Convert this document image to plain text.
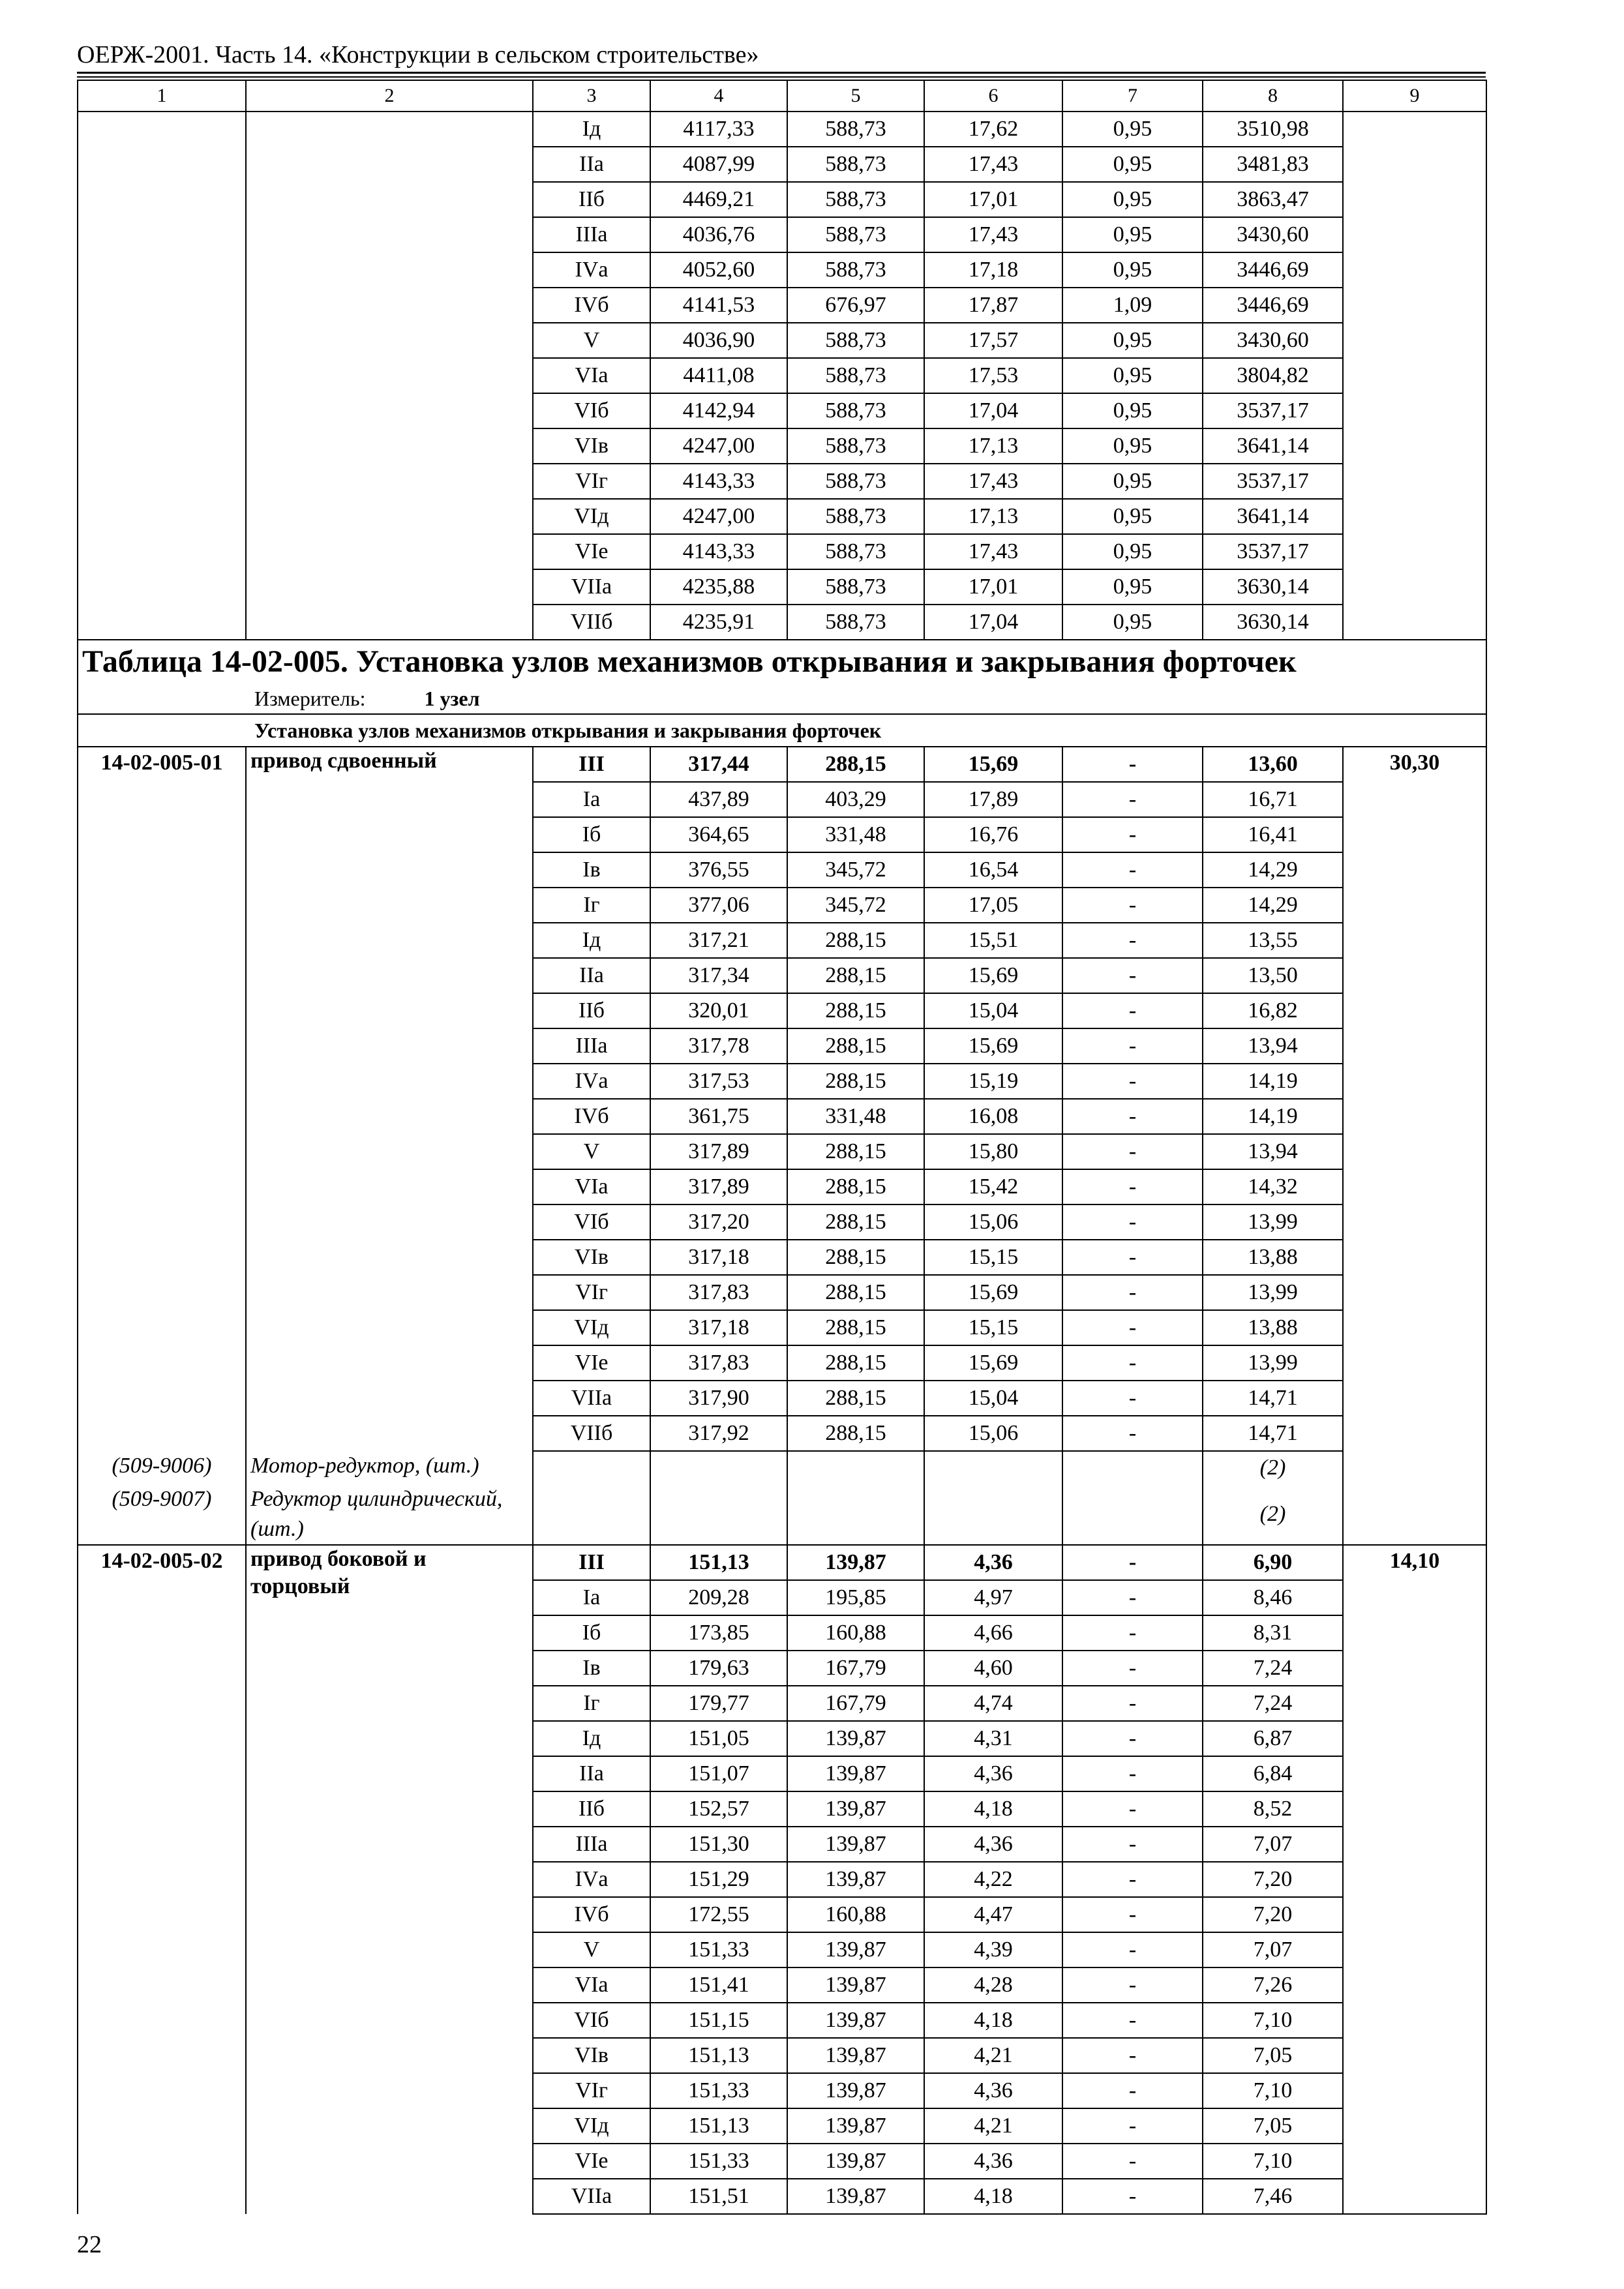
ОЕРЖ-2001. Часть 14. «Конструкции в сельском строительстве»
1	2	3	4	5	6	7	8	9
		Iд	4117,33	588,73	17,62	0,95	3510,98	
		IIа	4087,99	588,73	17,43	0,95	3481,83	
		IIб	4469,21	588,73	17,01	0,95	3863,47	
		IIIа	4036,76	588,73	17,43	0,95	3430,60	
		IVа	4052,60	588,73	17,18	0,95	3446,69	
		IVб	4141,53	676,97	17,87	1,09	3446,69	
		V	4036,90	588,73	17,57	0,95	3430,60	
		VIа	4411,08	588,73	17,53	0,95	3804,82	
		VIб	4142,94	588,73	17,04	0,95	3537,17	
		VIв	4247,00	588,73	17,13	0,95	3641,14	
		VIг	4143,33	588,73	17,43	0,95	3537,17	
		VIд	4247,00	588,73	17,13	0,95	3641,14	
		VIе	4143,33	588,73	17,43	0,95	3537,17	
		VIIа	4235,88	588,73	17,01	0,95	3630,14	
		VIIб	4235,91	588,73	17,04	0,95	3630,14	
Таблица 14-02-005. Установка узлов механизмов открывания и закрывания форточек								
Измеритель: 1 узел								
Установка узлов механизмов открывания и закрывания форточек								
14-02-005-01	привод сдвоенный	III	317,44	288,15	15,69	-	13,60	30,30
		Iа	437,89	403,29	17,89	-	16,71	
		Iб	364,65	331,48	16,76	-	16,41	
		Iв	376,55	345,72	16,54	-	14,29	
		Iг	377,06	345,72	17,05	-	14,29	
		Iд	317,21	288,15	15,51	-	13,55	
		IIа	317,34	288,15	15,69	-	13,50	
		IIб	320,01	288,15	15,04	-	16,82	
		IIIа	317,78	288,15	15,69	-	13,94	
		IVа	317,53	288,15	15,19	-	14,19	
		IVб	361,75	331,48	16,08	-	14,19	
		V	317,89	288,15	15,80	-	13,94	
		VIа	317,89	288,15	15,42	-	14,32	
		VIб	317,20	288,15	15,06	-	13,99	
		VIв	317,18	288,15	15,15	-	13,88	
		VIг	317,83	288,15	15,69	-	13,99	
		VIд	317,18	288,15	15,15	-	13,88	
		VIе	317,83	288,15	15,69	-	13,99	
		VIIа	317,90	288,15	15,04	-	14,71	
		VIIб	317,92	288,15	15,06	-	14,71	
(509-9006)	Мотор-редуктор, (шт.)						(2)	
(509-9007)	Редуктор цилиндрический, (шт.)						(2)	
14-02-005-02	привод боковой и торцовый	III	151,13	139,87	4,36	-	6,90	14,10
		Iа	209,28	195,85	4,97	-	8,46	
		Iб	173,85	160,88	4,66	-	8,31	
		Iв	179,63	167,79	4,60	-	7,24	
		Iг	179,77	167,79	4,74	-	7,24	
		Iд	151,05	139,87	4,31	-	6,87	
		IIа	151,07	139,87	4,36	-	6,84	
		IIб	152,57	139,87	4,18	-	8,52	
		IIIа	151,30	139,87	4,36	-	7,07	
		IVа	151,29	139,87	4,22	-	7,20	
		IVб	172,55	160,88	4,47	-	7,20	
		V	151,33	139,87	4,39	-	7,07	
		VIа	151,41	139,87	4,28	-	7,26	
		VIб	151,15	139,87	4,18	-	7,10	
		VIв	151,13	139,87	4,21	-	7,05	
		VIг	151,33	139,87	4,36	-	7,10	
		VIд	151,13	139,87	4,21	-	7,05	
		VIе	151,33	139,87	4,36	-	7,10	
		VIIа	151,51	139,87	4,18	-	7,46	
22
